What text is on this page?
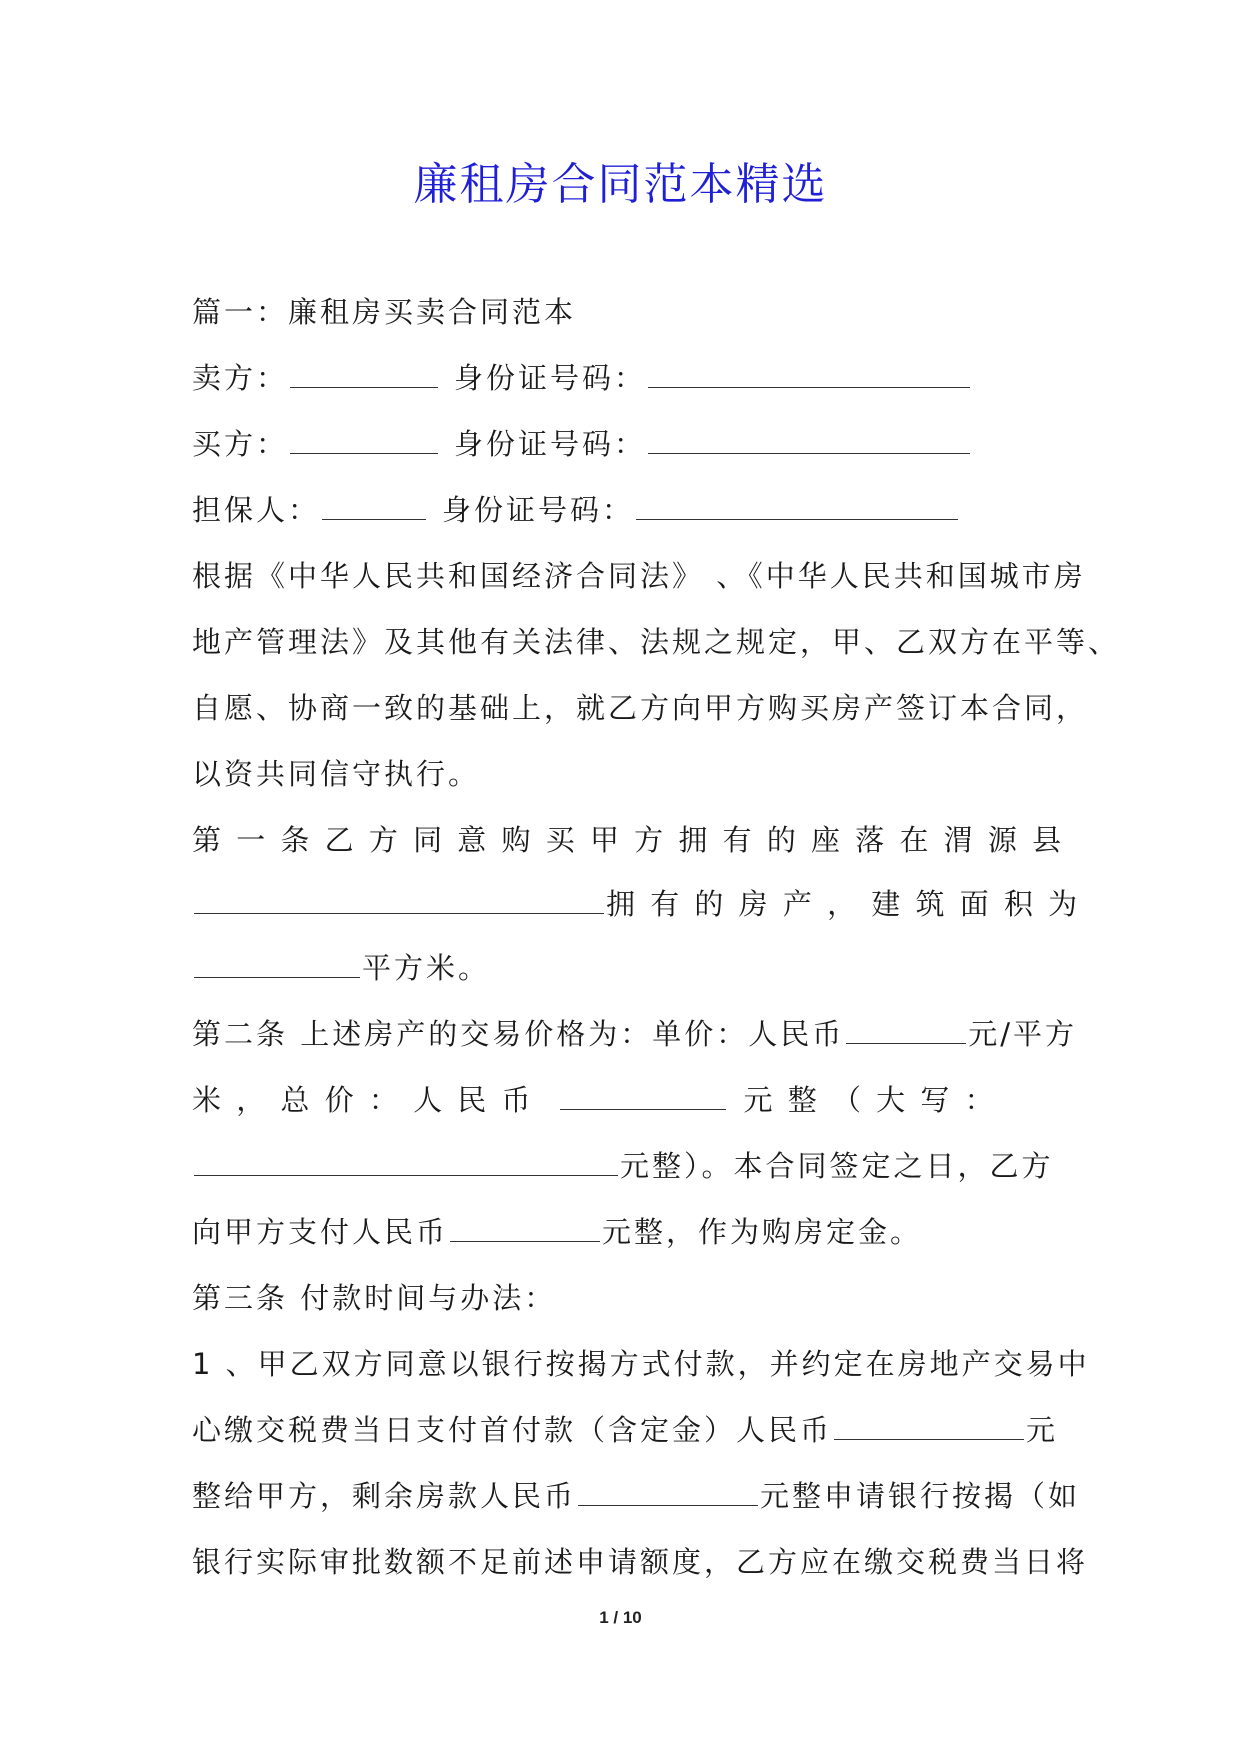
廉租房合同范本精选
篇一：廉租房买卖合同范本
卖方：	身份证号码：
买方：	身份证号码：
担保人：	身份证号码：
根据《中华人民共和国经济合同法》 、《中华人民共和国城市房
地产管理法》及其他有关法律、法规之规定，甲、乙双方在平等、
自愿、协商一致的基础上，就乙方向甲方购买房产签订本合同，
以资共同信守执行。
第 一 条 乙 方 同 意 购 买 甲 方 拥 有 的 座 落 在 渭 源 县
拥 有 的 房 产 ， 建 筑 面 积 为
平方米。
第二条 上述房产的交易价格为：单价：人民币	元/平方
米 ， 总 价 ： 人 民 币	元 整 （ 大 写 ：
元整）。本合同签定之日，乙方
向甲方支付人民币	元整，作为购房定金。
第三条 付款时间与办法：
1 、甲乙双方同意以银行按揭方式付款，并约定在房地产交易中
心缴交税费当日支付首付款（含定金）人民币	元
整给甲方，剩余房款人民币	元整申请银行按揭（如
银行实际审批数额不足前述申请额度，乙方应在缴交税费当日将
1 / 10
